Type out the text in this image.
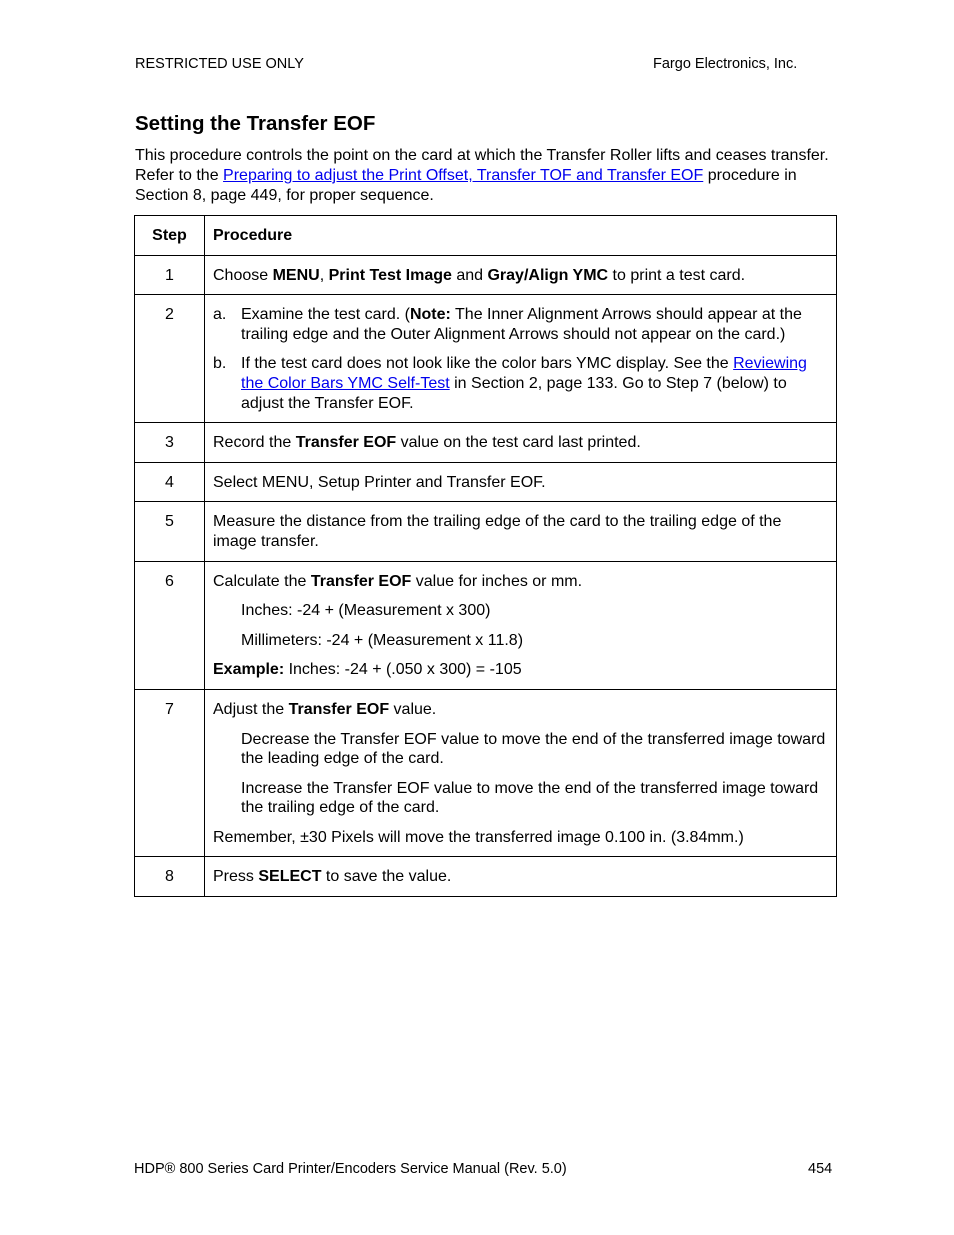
RESTRICTED USE ONLY	Fargo Electronics, Inc.
Setting the Transfer EOF

This procedure controls the point on the card at which the Transfer Roller lifts and ceases transfer. Refer to the Preparing to adjust the Print Offset, Transfer TOF and Transfer EOF procedure in Section 8, page 449, for proper sequence.

Step	Procedure

1	Choose MENU, Print Test Image and Gray/Align YMC to print a test card.

2	a. Examine the test card. (Note: The Inner Alignment Arrows should appear at the trailing edge and the Outer Alignment Arrows should not appear on the card.)
b. If the test card does not look like the color bars YMC display. See the Reviewing the Color Bars YMC Self-Test in Section 2, page 133. Go to Step 7 (below) to adjust the Transfer EOF.

3	Record the Transfer EOF value on the test card last printed.

4	Select MENU, Setup Printer and Transfer EOF.

5	Measure the distance from the trailing edge of the card to the trailing edge of the image transfer.

6	Calculate the Transfer EOF value for inches or mm.
Inches: -24 + (Measurement x 300)
Millimeters: -24 + (Measurement x 11.8)
Example: Inches: -24 + (.050 x 300) = -105

7	Adjust the Transfer EOF value.
Decrease the Transfer EOF value to move the end of the transferred image toward the leading edge of the card.
Increase the Transfer EOF value to move the end of the transferred image toward the trailing edge of the card.
Remember, ±30 Pixels will move the transferred image 0.100 in. (3.84mm.)

8	Press SELECT to save the value.
HDP® 800 Series Card Printer/Encoders Service Manual (Rev. 5.0)	454
